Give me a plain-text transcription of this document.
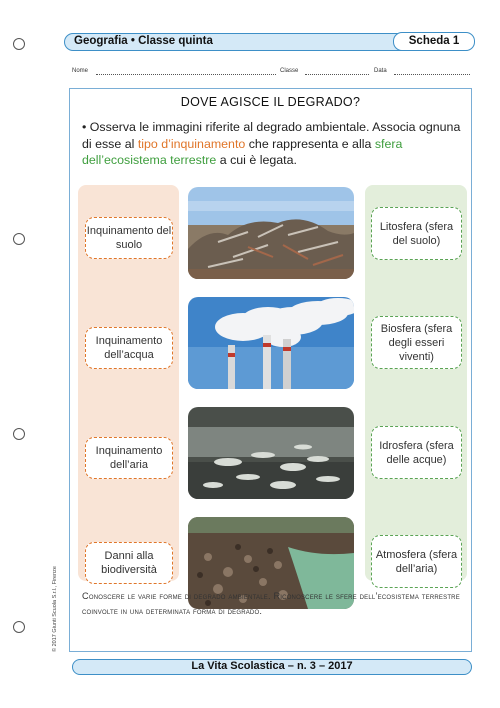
Geografia • Classe quinta	Scheda 1
Nome	Classe	Data
DOVE AGISCE IL DEGRADO?
• Osserva le immagini riferite al degrado ambientale. Associa ognuna di esse al tipo d’inquinamento che rappresenta e alla sfera dell’ecosistema terrestre a cui è legata.
Inquinamento del suolo
Inquinamento dell’acqua
Inquinamento dell’aria
Danni alla biodiversità
Litosfera (sfera del suolo)
Biosfera (sfera degli esseri viventi)
Idrosfera (sfera delle acque)
Atmosfera (sfera dell’aria)
Conoscere le varie forme di degrado ambientale. Riconoscere le sfere dell’ecosistema terrestre coinvolte in una determinata forma di degrado.
© 2017 Giunti Scuola S.r.l., Firenze
La Vita Scolastica – n. 3 – 2017
